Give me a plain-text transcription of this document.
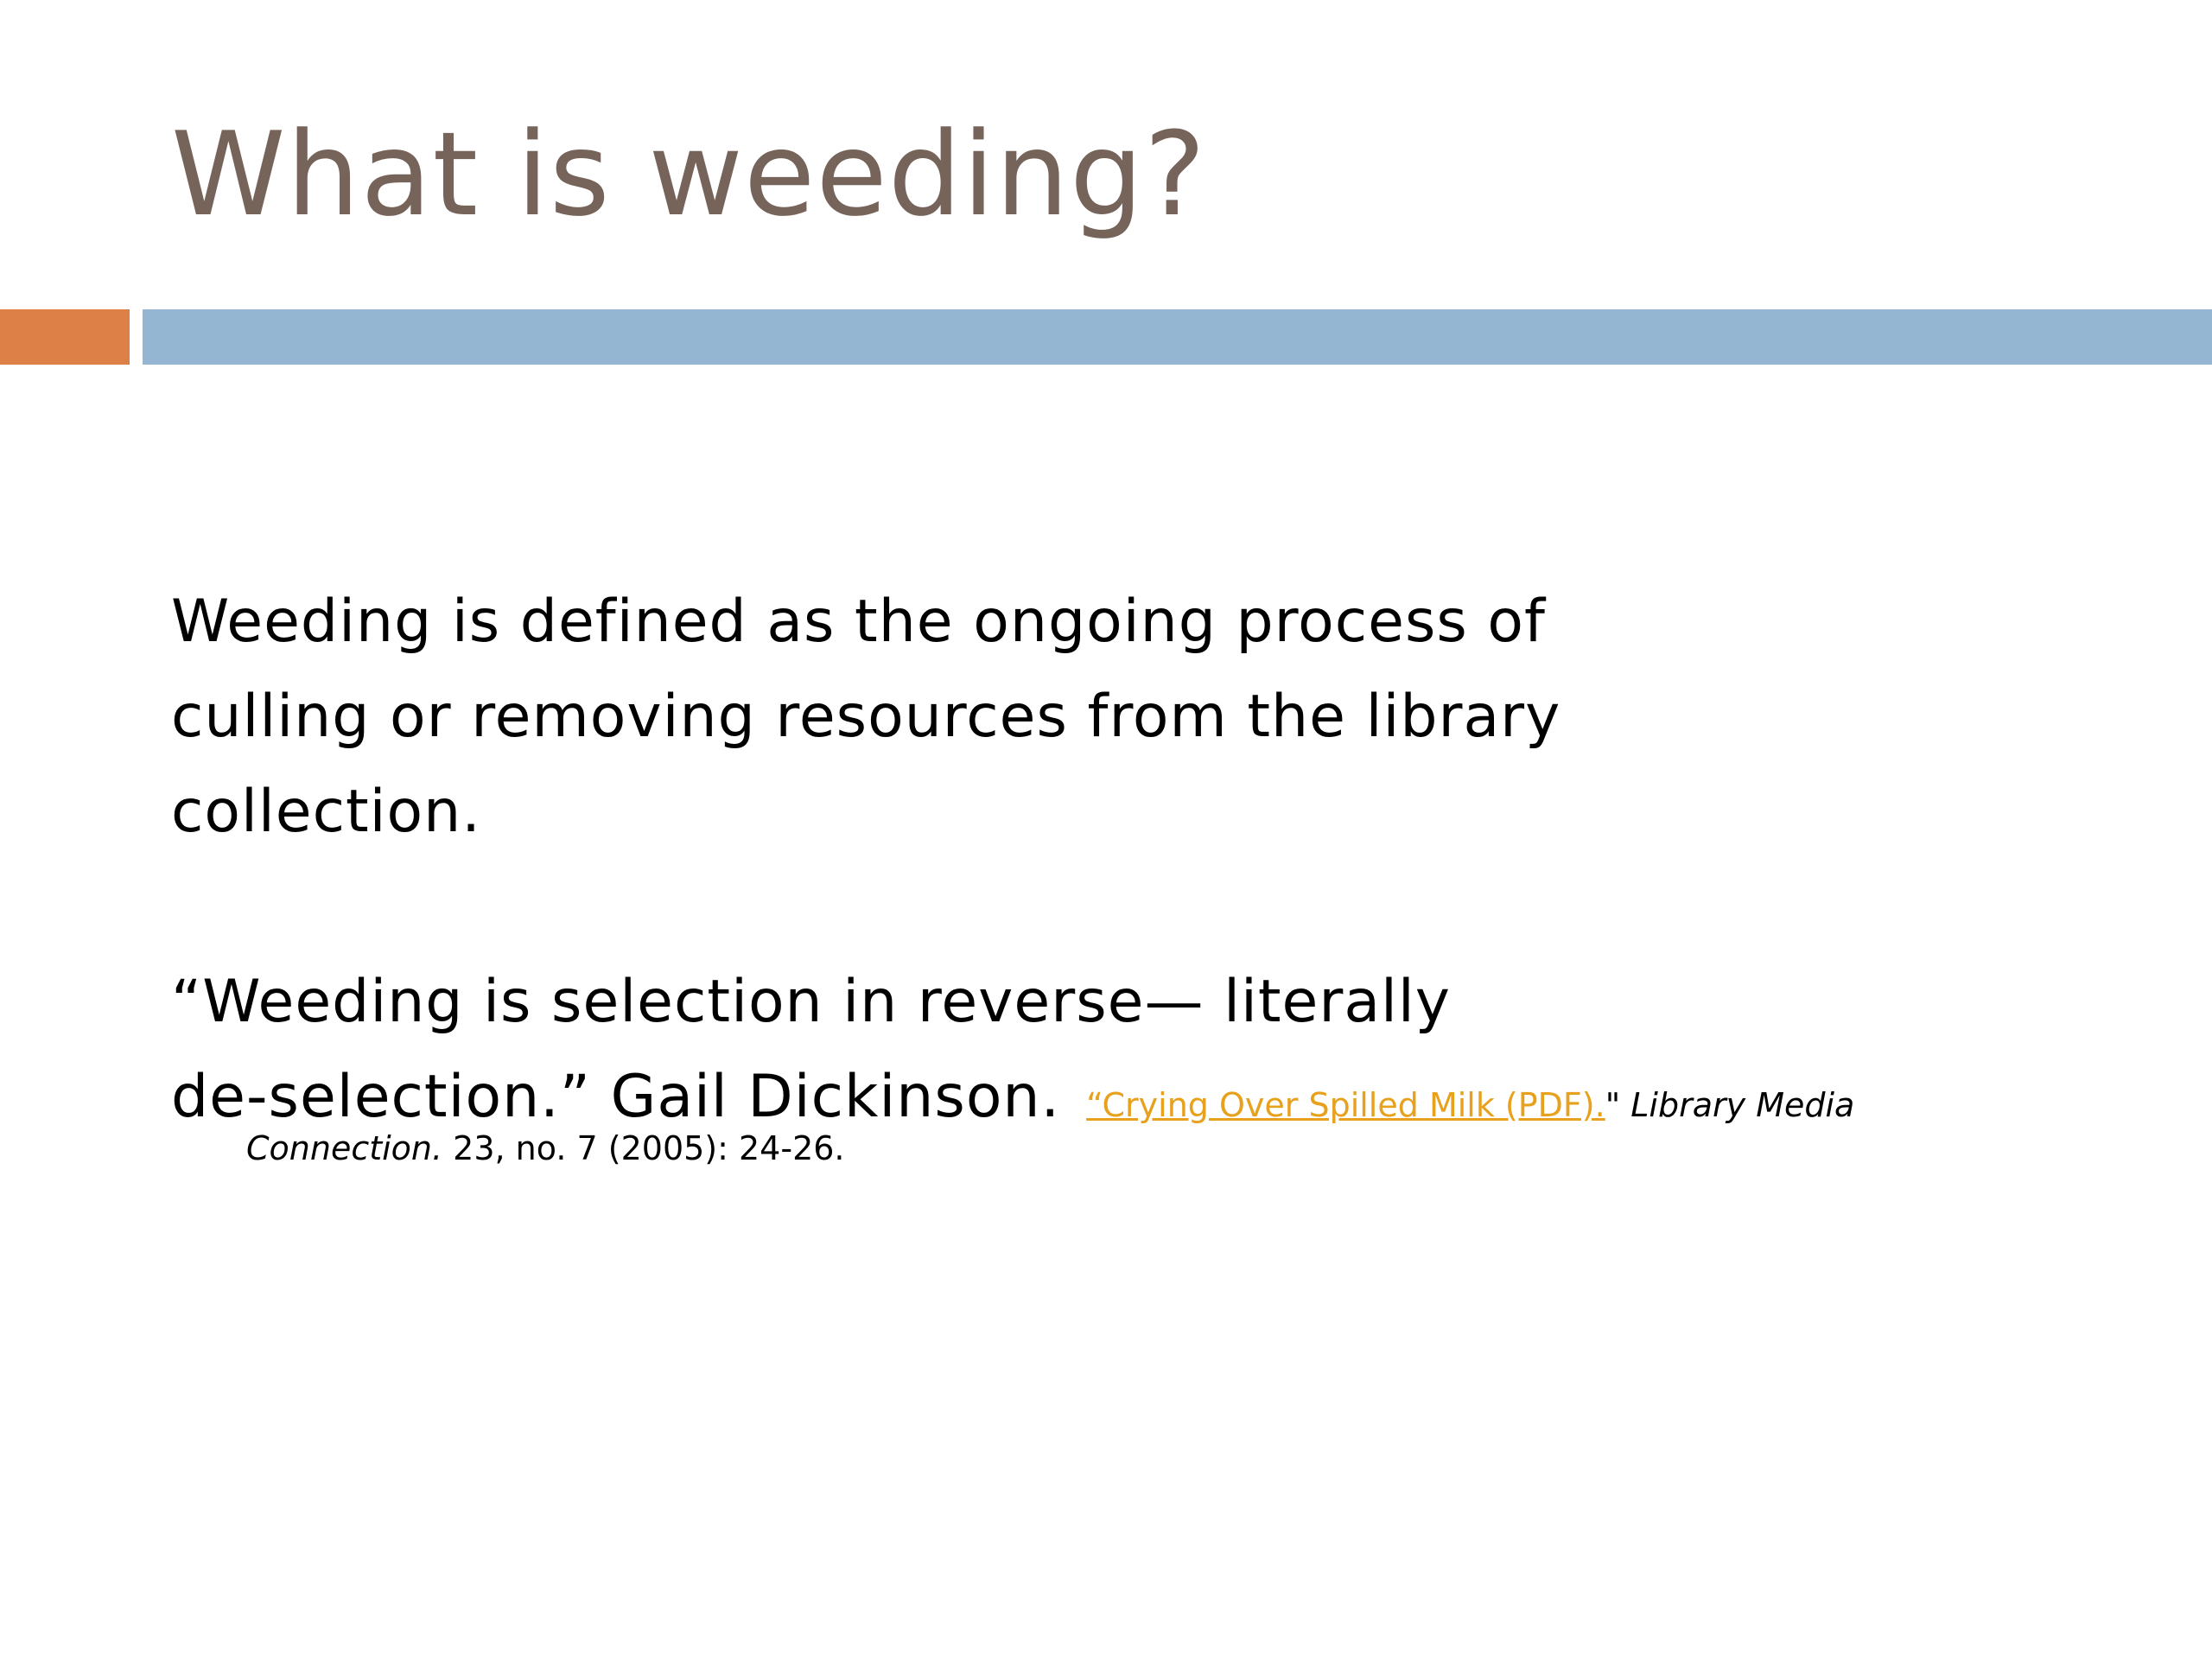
What is weeding?

Weeding is defined as the ongoing process of culling or removing resources from the library collection.

“Weeding is selection in reverse— literally
de-selection.” Gail Dickinson. “Crying Over Spilled Milk (PDF)." Library Media

Connection. 23, no. 7 (2005): 24-26.
